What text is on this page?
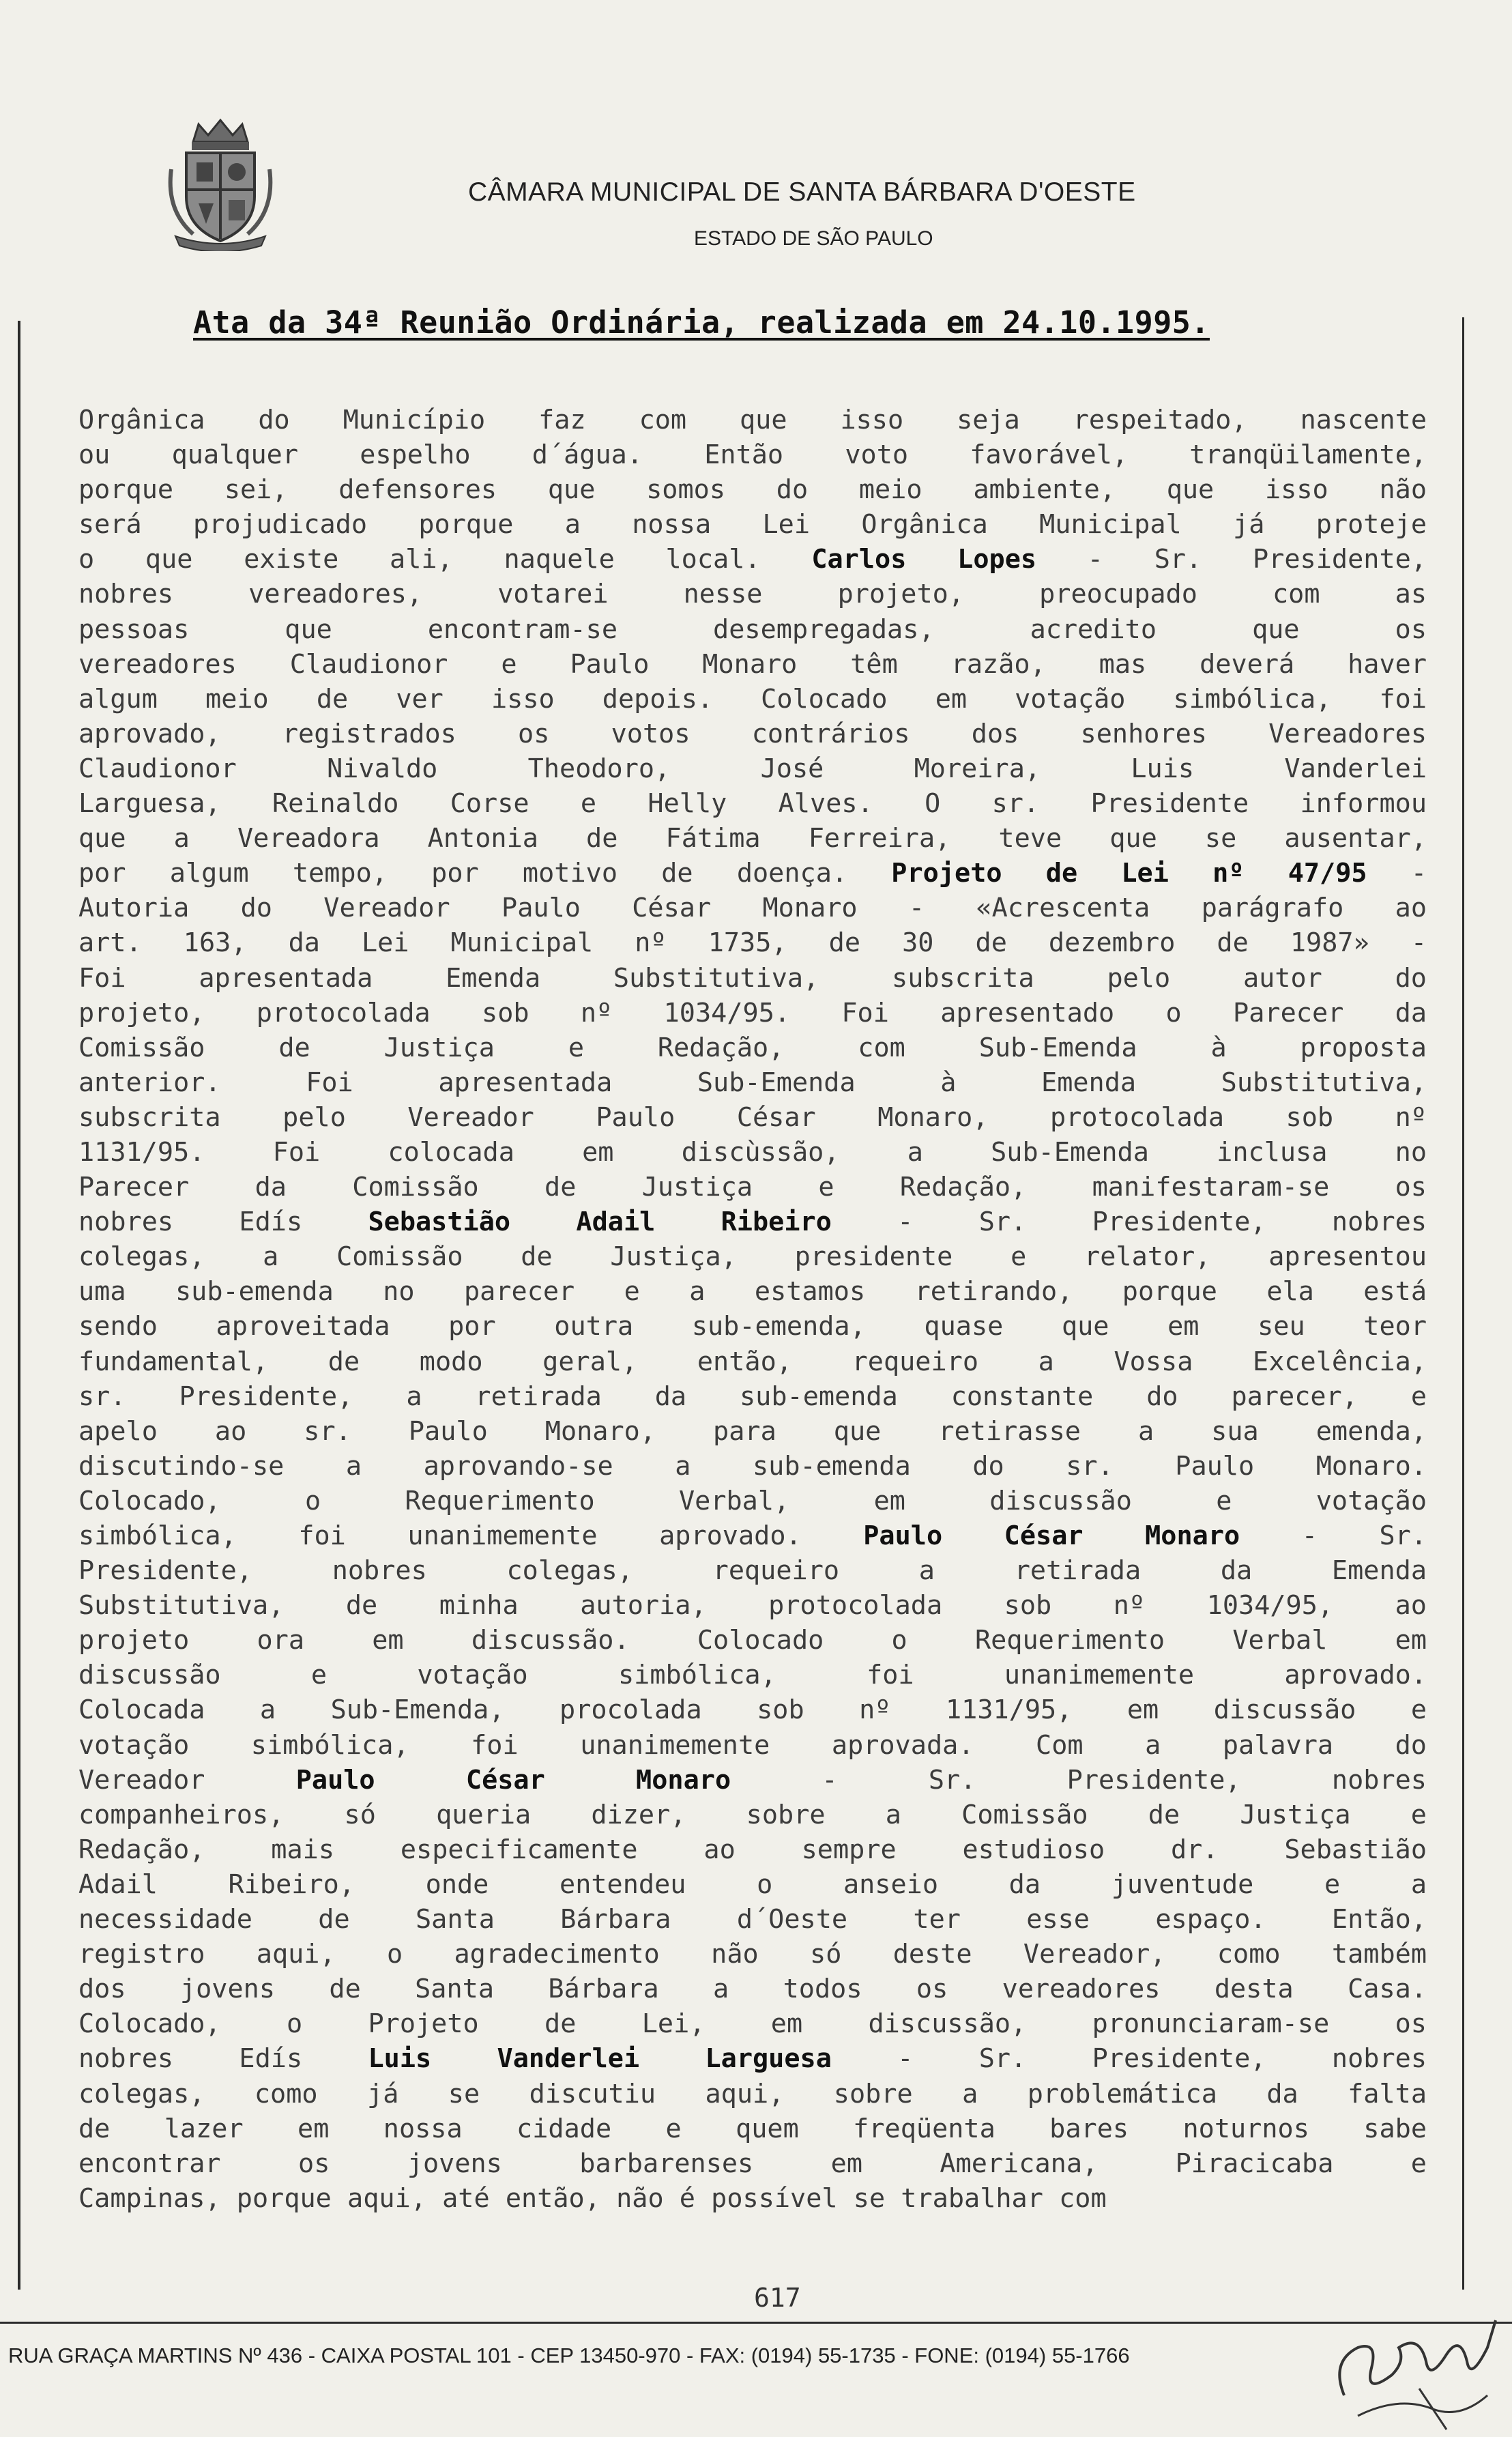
CÂMARA MUNICIPAL DE SANTA BÁRBARA D'OESTE
ESTADO DE SÃO PAULO
Ata da 34ª Reunião Ordinária, realizada em 24.10.1995.
Orgânica do Município faz com que isso seja respeitado, nascente
ou qualquer espelho d´água. Então voto favorável, tranqüilamente,
porque sei, defensores que somos do meio ambiente, que isso não
será projudicado porque a nossa Lei Orgânica Municipal já proteje
o que existe ali, naquele local. Carlos Lopes - Sr. Presidente,
nobres vereadores, votarei nesse projeto, preocupado com as
pessoas que encontram-se desempregadas, acredito que os
vereadores Claudionor e Paulo Monaro têm razão, mas deverá haver
algum meio de ver isso depois. Colocado em votação simbólica, foi
aprovado, registrados os votos contrários dos senhores Vereadores
Claudionor Nivaldo Theodoro, José Moreira, Luis Vanderlei
Larguesa, Reinaldo Corse e Helly Alves. O sr. Presidente informou
que a Vereadora Antonia de Fátima Ferreira, teve que se ausentar,
por algum tempo, por motivo de doença. Projeto de Lei nº 47/95 -
Autoria do Vereador Paulo César Monaro - «Acrescenta parágrafo ao
art. 163, da Lei Municipal nº 1735, de 30 de dezembro de 1987» -
Foi apresentada Emenda Substitutiva, subscrita pelo autor do
projeto, protocolada sob nº 1034/95. Foi apresentado o Parecer da
Comissão de Justiça e Redação, com Sub-Emenda à proposta
anterior. Foi apresentada Sub-Emenda à Emenda Substitutiva,
subscrita pelo Vereador Paulo César Monaro, protocolada sob nº
1131/95. Foi colocada em discùssão, a Sub-Emenda inclusa no
Parecer da Comissão de Justiça e Redação, manifestaram-se os
nobres Edís Sebastião Adail Ribeiro - Sr. Presidente, nobres
colegas, a Comissão de Justiça, presidente e relator, apresentou
uma sub-emenda no parecer e a estamos retirando, porque ela está
sendo aproveitada por outra sub-emenda, quase que em seu teor
fundamental, de modo geral, então, requeiro a Vossa Excelência,
sr. Presidente, a retirada da sub-emenda constante do parecer, e
apelo ao sr. Paulo Monaro, para que retirasse a sua emenda,
discutindo-se a aprovando-se a sub-emenda do sr. Paulo Monaro.
Colocado, o Requerimento Verbal, em discussão e votação
simbólica, foi unanimemente aprovado. Paulo César Monaro - Sr.
Presidente, nobres colegas, requeiro a retirada da Emenda
Substitutiva, de minha autoria, protocolada sob nº 1034/95, ao
projeto ora em discussão. Colocado o Requerimento Verbal em
discussão e votação simbólica, foi unanimemente aprovado.
Colocada a Sub-Emenda, procolada sob nº 1131/95, em discussão e
votação simbólica, foi unanimemente aprovada. Com a palavra do
Vereador Paulo César Monaro - Sr. Presidente, nobres
companheiros, só queria dizer, sobre a Comissão de Justiça e
Redação, mais especificamente ao sempre estudioso dr. Sebastião
Adail Ribeiro, onde entendeu o anseio da juventude e a
necessidade de Santa Bárbara d´Oeste ter esse espaço. Então,
registro aqui, o agradecimento não só deste Vereador, como também
dos jovens de Santa Bárbara a todos os vereadores desta Casa.
Colocado, o Projeto de Lei, em discussão, pronunciaram-se os
nobres Edís Luis Vanderlei Larguesa - Sr. Presidente, nobres
colegas, como já se discutiu aqui, sobre a problemática da falta
de lazer em nossa cidade e quem freqüenta bares noturnos sabe
encontrar os jovens barbarenses em Americana, Piracicaba e
Campinas, porque aqui, até então, não é possível se trabalhar com
617
RUA GRAÇA MARTINS Nº 436 - CAIXA POSTAL 101 - CEP 13450-970 - FAX: (0194) 55-1735 - FONE: (0194) 55-1766
